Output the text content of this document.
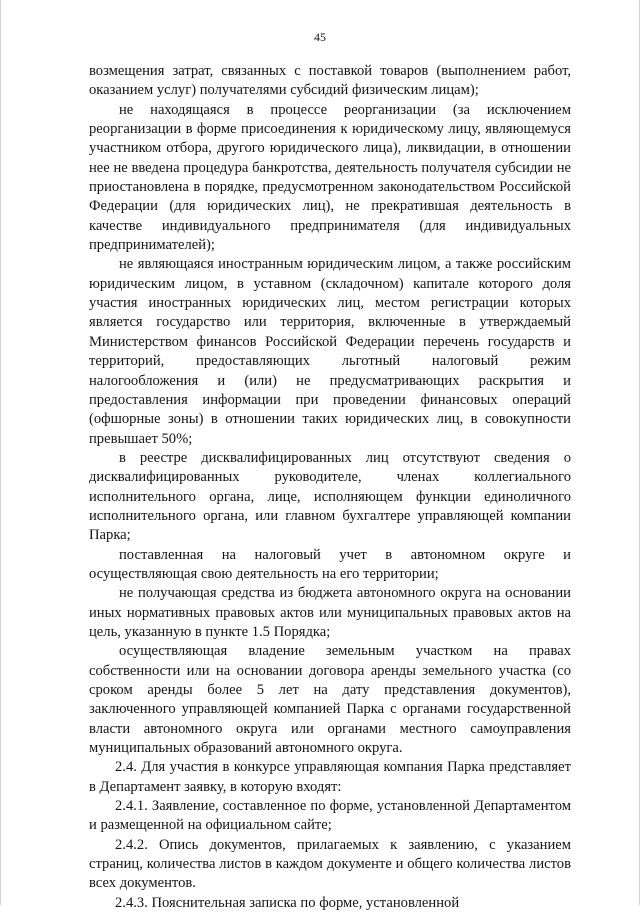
45

возмещения затрат, связанных с поставкой товаров (выполнением работ, оказанием услуг) получателями субсидий физическим лицам);

не находящаяся в процессе реорганизации (за исключением реорганизации в форме присоединения к юридическому лицу, являющемуся участником отбора, другого юридического лица), ликвидации, в отношении нее не введена процедура банкротства, деятельность получателя субсидии не приостановлена в порядке, предусмотренном законодательством Российской Федерации (для юридических лиц), не прекратившая деятельность в качестве индивидуального предпринимателя (для индивидуальных предпринимателей);

не являющаяся иностранным юридическим лицом, а также российским юридическим лицом, в уставном (складочном) капитале которого доля участия иностранных юридических лиц, местом регистрации которых является государство или территория, включенные в утверждаемый Министерством финансов Российской Федерации перечень государств и территорий, предоставляющих льготный налоговый режим налогообложения и (или) не предусматривающих раскрытия и предоставления информации при проведении финансовых операций (офшорные зоны) в отношении таких юридических лиц, в совокупности превышает 50%;

в реестре дисквалифицированных лиц отсутствуют сведения о дисквалифицированных руководителе, членах коллегиального исполнительного органа, лице, исполняющем функции единоличного исполнительного органа, или главном бухгалтере управляющей компании Парка;

поставленная на налоговый учет в автономном округе и осуществляющая свою деятельность на его территории;

не получающая средства из бюджета автономного округа на основании иных нормативных правовых актов или муниципальных правовых актов на цель, указанную в пункте 1.5 Порядка;

осуществляющая владение земельным участком на правах собственности или на основании договора аренды земельного участка (со сроком аренды более 5 лет на дату представления документов), заключенного управляющей компанией Парка с органами государственной власти автономного округа или органами местного самоуправления муниципальных образований автономного округа.

2.4. Для участия в конкурсе управляющая компания Парка представляет в Департамент заявку, в которую входят:

2.4.1. Заявление, составленное по форме, установленной Департаментом и размещенной на официальном сайте;

2.4.2. Опись документов, прилагаемых к заявлению, с указанием страниц, количества листов в каждом документе и общего количества листов всех документов.

2.4.3. Пояснительная записка по форме, установленной
